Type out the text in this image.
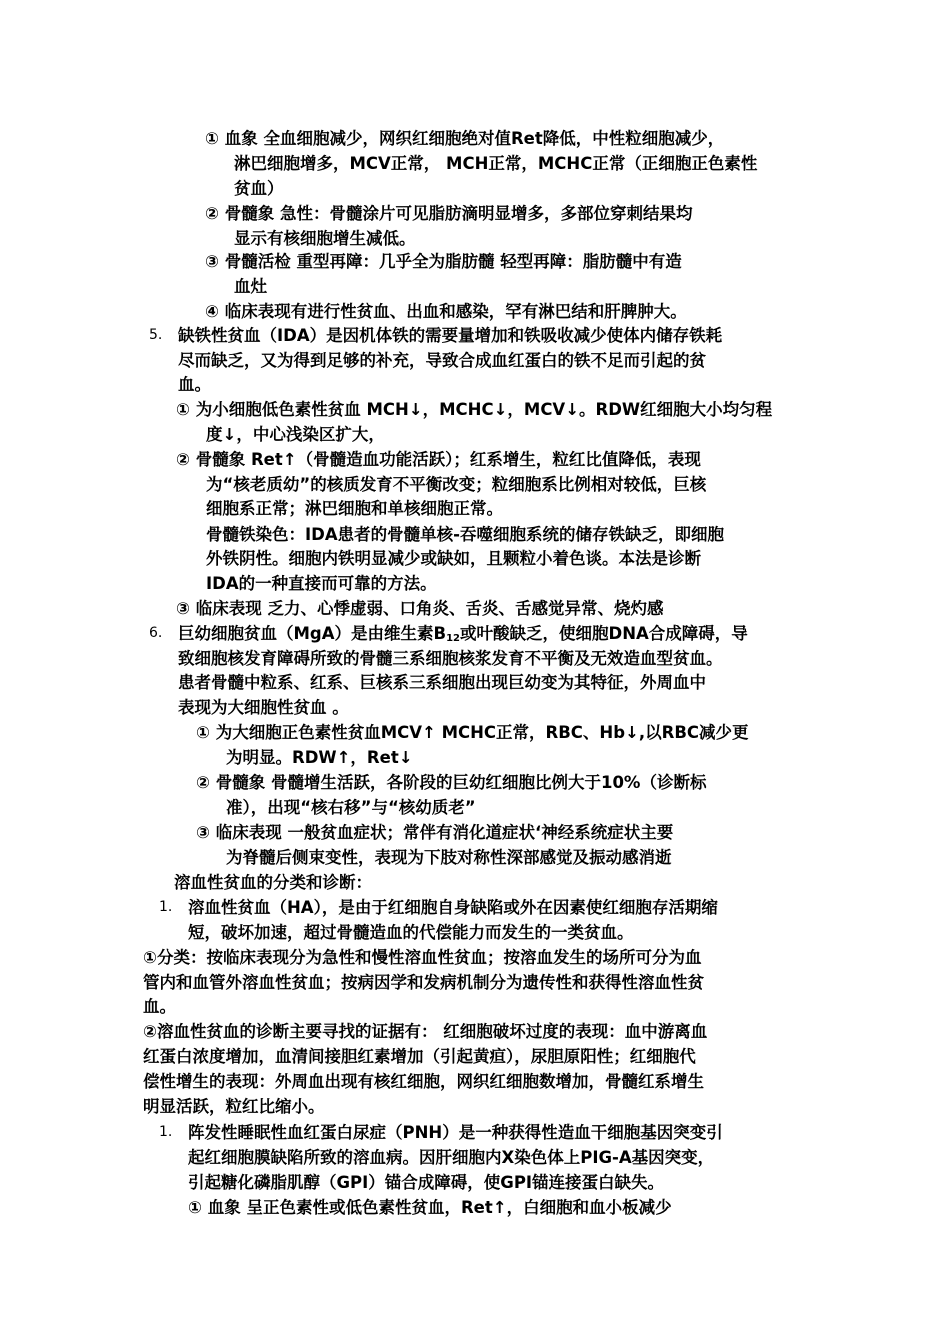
① 血象 全血细胞减少，网织红细胞绝对值Ret降低，中性粒细胞减少，
淋巴细胞增多，MCV正常， MCH正常，MCHC正常（正细胞正色素性
贫血）
② 骨髓象 急性：骨髓涂片可见脂肪滴明显增多，多部位穿刺结果均
显示有核细胞增生减低。
③ 骨髓活检 重型再障：几乎全为脂肪髓 轻型再障：脂肪髓中有造
血灶
④ 临床表现有进行性贫血、出血和感染，罕有淋巴结和肝脾肿大。
5. 缺铁性贫血（IDA）是因机体铁的需要量增加和铁吸收减少使体内储存铁耗
尽而缺乏，又为得到足够的补充，导致合成血红蛋白的铁不足而引起的贫
血。
① 为小细胞低色素性贫血 MCH↓，MCHC↓，MCV↓。RDW红细胞大小均匀程
度↓，中心浅染区扩大，
② 骨髓象 Ret↑（骨髓造血功能活跃）；红系增生，粒红比值降低，表现
为“核老质幼”的核质发育不平衡改变；粒细胞系比例相对较低，巨核
细胞系正常；淋巴细胞和单核细胞正常。
骨髓铁染色：IDA患者的骨髓单核-吞噬细胞系统的储存铁缺乏，即细胞
外铁阴性。细胞内铁明显减少或缺如，且颗粒小着色谈。本法是诊断
IDA的一种直接而可靠的方法。
③ 临床表现 乏力、心悸虚弱、口角炎、舌炎、舌感觉异常、烧灼感
6. 巨幼细胞贫血（MgA）是由维生素$B_{12}$或叶酸缺乏，使细胞DNA合成障碍，导
致细胞核发育障碍所致的骨髓三系细胞核浆发育不平衡及无效造血型贫血。
患者骨髓中粒系、红系、巨核系三系细胞出现巨幼变为其特征，外周血中
表现为大细胞性贫血 。
① 为大细胞正色素性贫血MCV↑ MCHC正常，RBC、Hb↓,以RBC减少更
为明显。RDW↑，Ret↓
② 骨髓象 骨髓增生活跃，各阶段的巨幼红细胞比例大于10%（诊断标
准），出现“核右移”与“核幼质老”
③ 临床表现 一般贫血症状；常伴有消化道症状‘神经系统症状主要
为脊髓后侧束变性，表现为下肢对称性深部感觉及振动感消逝
溶血性贫血的分类和诊断：
1. 溶血性贫血（HA），是由于红细胞自身缺陷或外在因素使红细胞存活期缩
短，破坏加速，超过骨髓造血的代偿能力而发生的一类贫血。
①分类：按临床表现分为急性和慢性溶血性贫血；按溶血发生的场所可分为血
管内和血管外溶血性贫血；按病因学和发病机制分为遗传性和获得性溶血性贫
血。
②溶血性贫血的诊断主要寻找的证据有： 红细胞破坏过度的表现：血中游离血
红蛋白浓度增加，血清间接胆红素增加（引起黄疸），尿胆原阳性；红细胞代
偿性增生的表现：外周血出现有核红细胞，网织红细胞数增加，骨髓红系增生
明显活跃，粒红比缩小。
1. 阵发性睡眠性血红蛋白尿症（PNH）是一种获得性造血干细胞基因突变引
起红细胞膜缺陷所致的溶血病。因肝细胞内X染色体上PIG-A基因突变，
引起糖化磷脂肌醇（GPI）锚合成障碍，使GPI锚连接蛋白缺失。
① 血象 呈正色素性或低色素性贫血，Ret↑，白细胞和血小板减少
